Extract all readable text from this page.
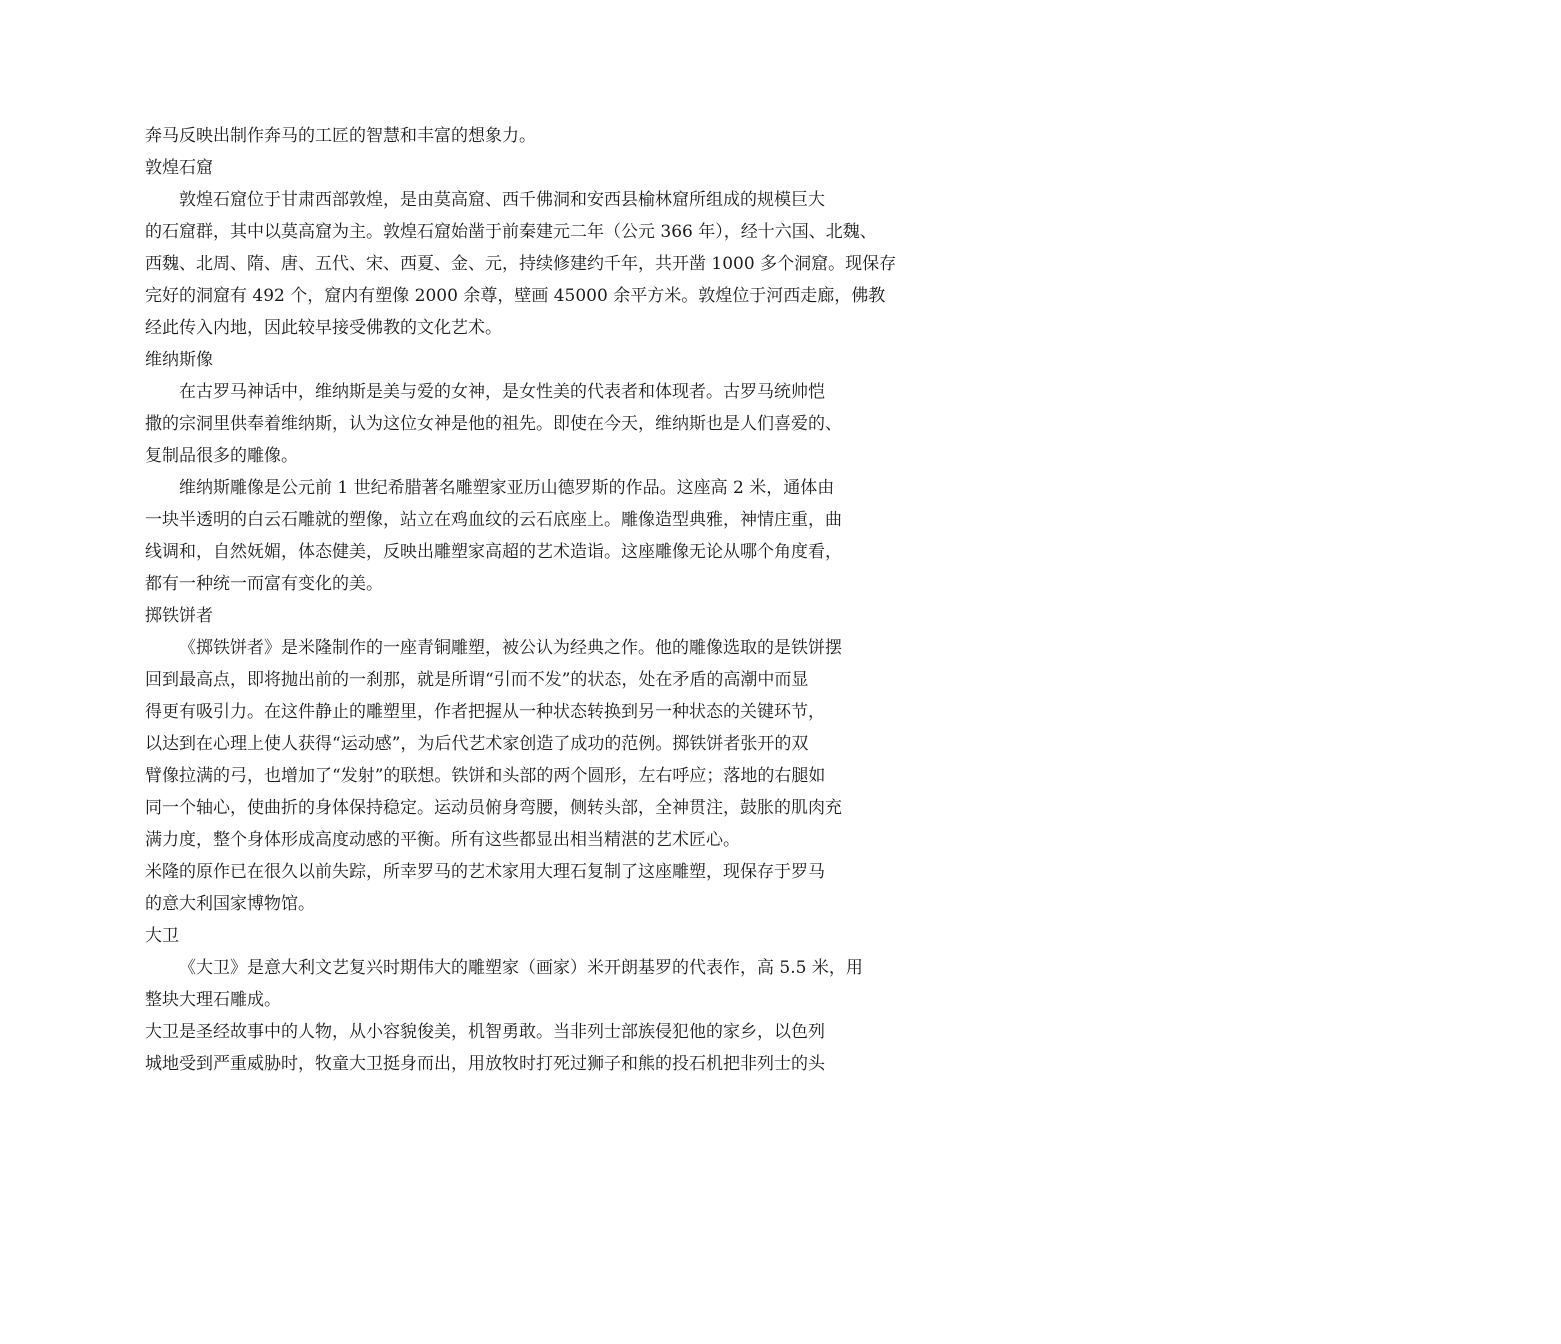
奔马反映出制作奔马的工匠的智慧和丰富的想象力。
敦煌石窟
敦煌石窟位于甘肃西部敦煌，是由莫高窟、西千佛洞和安西县榆林窟所组成的规模巨大
的石窟群，其中以莫高窟为主。敦煌石窟始凿于前秦建元二年（公元 366 年），经十六国、北魏、
西魏、北周、隋、唐、五代、宋、西夏、金、元，持续修建约千年，共开凿 1000 多个洞窟。现保存
完好的洞窟有 492 个，窟内有塑像 2000 余尊，壁画 45000 余平方米。敦煌位于河西走廊，佛教
经此传入内地，因此较早接受佛教的文化艺术。
维纳斯像
在古罗马神话中，维纳斯是美与爱的女神，是女性美的代表者和体现者。古罗马统帅恺
撒的宗洞里供奉着维纳斯，认为这位女神是他的祖先。即使在今天，维纳斯也是人们喜爱的、
复制品很多的雕像。
维纳斯雕像是公元前 1 世纪希腊著名雕塑家亚历山德罗斯的作品。这座高 2 米，通体由
一块半透明的白云石雕就的塑像，站立在鸡血纹的云石底座上。雕像造型典雅，神情庄重，曲
线调和，自然妩媚，体态健美，反映出雕塑家高超的艺术造诣。这座雕像无论从哪个角度看，
都有一种统一而富有变化的美。
掷铁饼者
《掷铁饼者》是米隆制作的一座青铜雕塑，被公认为经典之作。他的雕像选取的是铁饼摆
回到最高点，即将抛出前的一刹那，就是所谓“引而不发”的状态，处在矛盾的高潮中而显
得更有吸引力。在这件静止的雕塑里，作者把握从一种状态转换到另一种状态的关键环节，
以达到在心理上使人获得“运动感”，为后代艺术家创造了成功的范例。掷铁饼者张开的双
臂像拉满的弓，也增加了“发射”的联想。铁饼和头部的两个圆形，左右呼应；落地的右腿如
同一个轴心，使曲折的身体保持稳定。运动员俯身弯腰，侧转头部，全神贯注，鼓胀的肌肉充
满力度，整个身体形成高度动感的平衡。所有这些都显出相当精湛的艺术匠心。
米隆的原作已在很久以前失踪，所幸罗马的艺术家用大理石复制了这座雕塑，现保存于罗马
的意大利国家博物馆。
大卫
《大卫》是意大利文艺复兴时期伟大的雕塑家（画家）米开朗基罗的代表作，高 5.5 米，用
整块大理石雕成。
大卫是圣经故事中的人物，从小容貌俊美，机智勇敢。当非列士部族侵犯他的家乡，以色列
城地受到严重威胁时，牧童大卫挺身而出，用放牧时打死过狮子和熊的投石机把非列士的头
